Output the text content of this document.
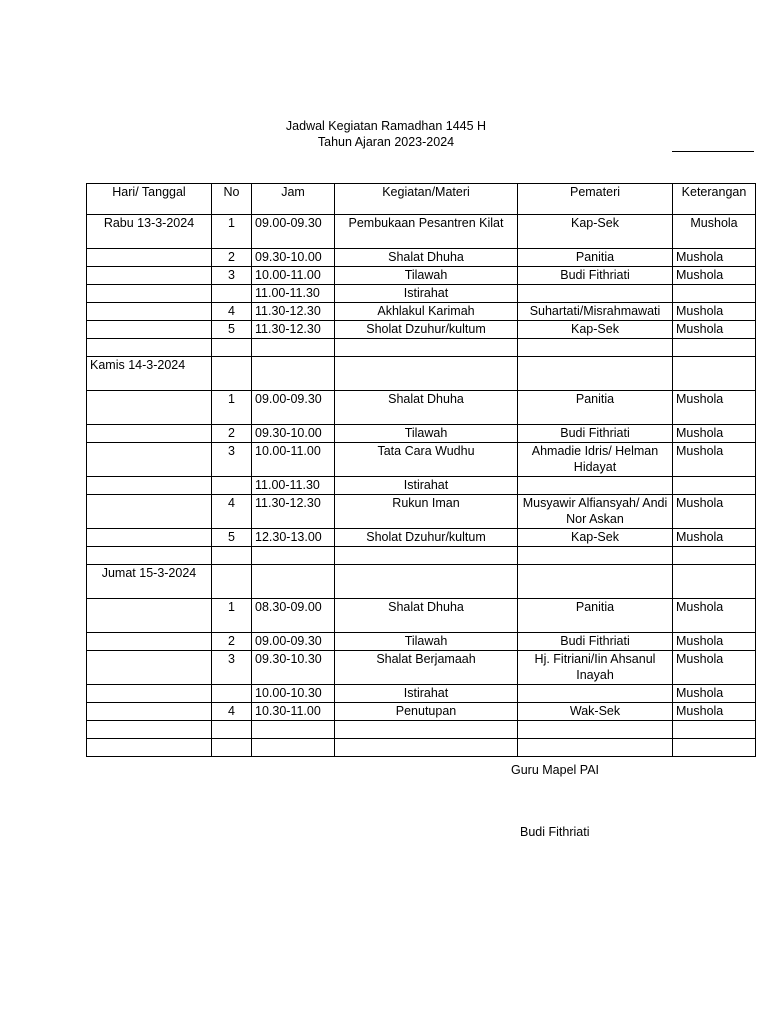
Jadwal Kegiatan Ramadhan 1445 H
Tahun Ajaran 2023-2024
Hari/ Tanggal	No	Jam	Kegiatan/Materi	Pemateri	Keterangan
Rabu 13-3-2024	1	09.00-09.30	Pembukaan Pesantren Kilat	Kap-Sek	Mushola
	2	09.30-10.00	Shalat Dhuha	Panitia	Mushola
	3	10.00-11.00	Tilawah	Budi Fithriati	Mushola
		11.00-11.30	Istirahat		
	4	11.30-12.30	Akhlakul Karimah	Suhartati/Misrahmawati	Mushola
	5	11.30-12.30	Sholat Dzuhur/kultum	Kap-Sek	Mushola

Kamis 14-3-2024					
	1	09.00-09.30	Shalat Dhuha	Panitia	Mushola
	2	09.30-10.00	Tilawah	Budi Fithriati	Mushola
	3	10.00-11.00	Tata Cara Wudhu	Ahmadie Idris/ Helman Hidayat	Mushola
		11.00-11.30	Istirahat		
	4	11.30-12.30	Rukun Iman	Musyawir Alfiansyah/ Andi Nor Askan	Mushola
	5	12.30-13.00	Sholat Dzuhur/kultum	Kap-Sek	Mushola

Jumat 15-3-2024					
	1	08.30-09.00	Shalat Dhuha	Panitia	Mushola
	2	09.00-09.30	Tilawah	Budi Fithriati	Mushola
	3	09.30-10.30	Shalat Berjamaah	Hj. Fitriani/Iin Ahsanul Inayah	Mushola
		10.00-10.30	Istirahat		Mushola
	4	10.30-11.00	Penutupan	Wak-Sek	Mushola

Guru Mapel PAI
Budi Fithriati
